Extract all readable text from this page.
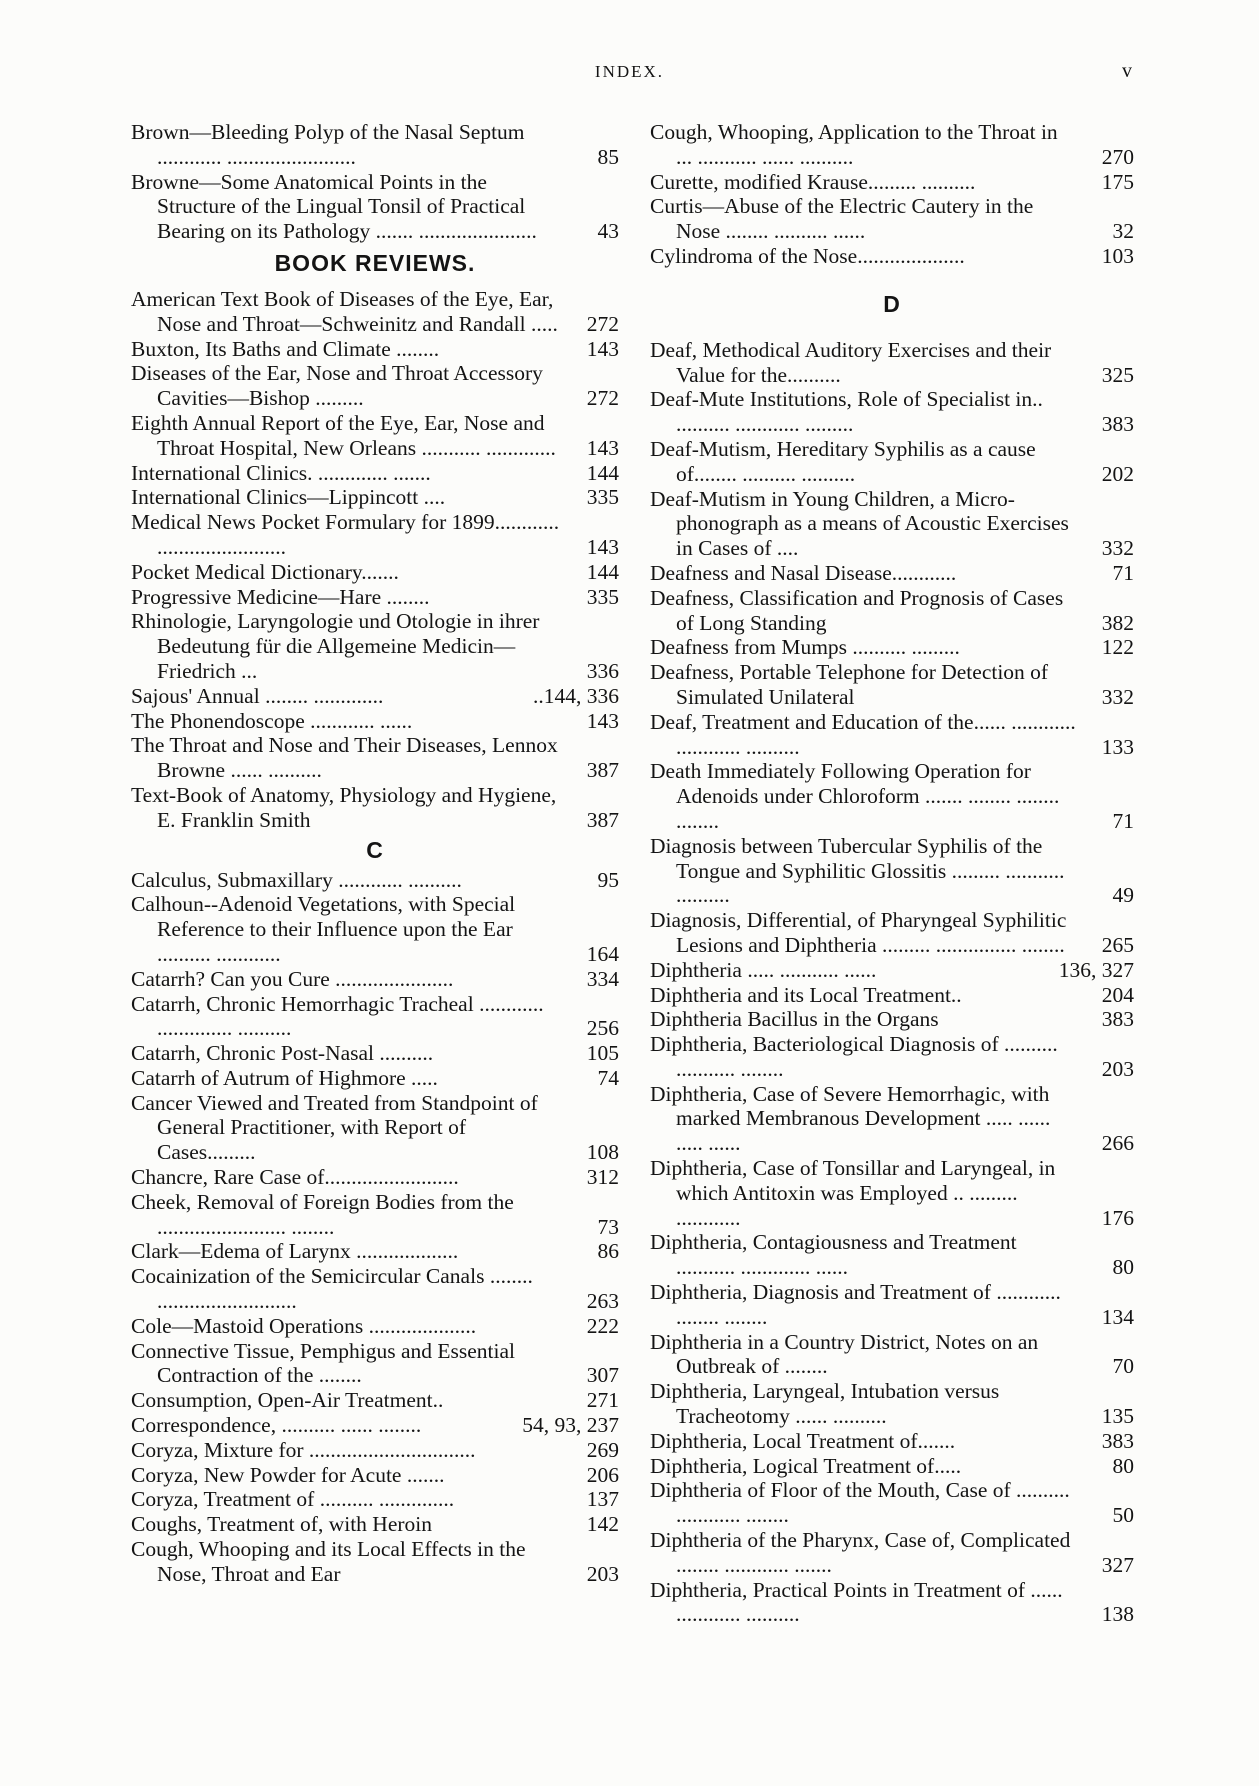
INDEX.	v
Brown—Bleeding Polyp of the Nasal Septum ............ ........................	85
Browne—Some Anatomical Points in the Structure of the Lingual Tonsil of Practical Bearing on its Pathology ....... ......................	43
BOOK REVIEWS.
American Text Book of Diseases of the Eye, Ear, Nose and Throat—Schweinitz and Randall ..... 272
Buxton, Its Baths and Climate ........	143
Diseases of the Ear, Nose and Throat Accessory Cavities—Bishop .........	272
Eighth Annual Report of the Eye, Ear, Nose and Throat Hospital, New Orleans ........... ............. 143
International Clinics. ............. .......	144
International Clinics—Lippincott ....	335
Medical News Pocket Formulary for 1899............ ........................	143
Pocket Medical Dictionary.......	144
Progressive Medicine—Hare ........	335
Rhinologie, Laryngologie und Otologie in ihrer Bedeutung für die Allgemeine Medicin—Friedrich ...	336
Sajous' Annual ........ .............	..144, 336
The Phonendoscope ............ ......	143
The Throat and Nose and Their Diseases, Lennox Browne ...... ..........	387
Text-Book of Anatomy, Physiology and Hygiene, E. Franklin Smith	387
C
Calculus, Submaxillary ............ ..........	95
Calhoun--Adenoid Vegetations, with Special Reference to their Influence upon the Ear .......... ............	164
Catarrh? Can you Cure ......................	334
Catarrh, Chronic Hemorrhagic Tracheal ............ .............. ..........	256
Catarrh, Chronic Post-Nasal ..........	105
Catarrh of Autrum of Highmore .....	74
Cancer Viewed and Treated from Standpoint of General Practitioner, with Report of Cases.........	108
Chancre, Rare Case of.........................	312
Cheek, Removal of Foreign Bodies from the ........................ ........	73
Clark—Edema of Larynx ...................	86
Cocainization of the Semicircular Canals ........ ..........................	263
Cole—Mastoid Operations ....................	222
Connective Tissue, Pemphigus and Essential Contraction of the ........	307
Consumption, Open-Air Treatment..	271
Correspondence, .......... ...... ........	54, 93, 237
Coryza, Mixture for ...............................	269
Coryza, New Powder for Acute .......	206
Coryza, Treatment of .......... ..............	137
Coughs, Treatment of, with Heroin	142
Cough, Whooping and its Local Effects in the Nose, Throat and Ear	203
Cough, Whooping, Application to the Throat in ... ........... ...... ..........	270
Curette, modified Krause......... ..........	175
Curtis—Abuse of the Electric Cautery in the Nose ........ .......... ......	32
Cylindroma of the Nose....................	103
D
Deaf, Methodical Auditory Exercises and their Value for the..........	325
Deaf-Mute Institutions, Role of Specialist in.. .......... ............ .........	383
Deaf-Mutism, Hereditary Syphilis as a cause of........ .......... ..........	202
Deaf-Mutism in Young Children, a Micro-phonograph as a means of Acoustic Exercises in Cases of ....	332
Deafness and Nasal Disease............	71
Deafness, Classification and Prognosis of Cases of Long Standing	382
Deafness from Mumps .......... .........	122
Deafness, Portable Telephone for Detection of Simulated Unilateral	332
Deaf, Treatment and Education of the...... ............ ............ ..........	133
Death Immediately Following Operation for Adenoids under Chloroform ....... ........ ........ ........	71
Diagnosis between Tubercular Syphilis of the Tongue and Syphilitic Glossitis ......... ........... ..........	49
Diagnosis, Differential, of Pharyngeal Syphilitic Lesions and Diphtheria ......... ............... ........ 265
Diphtheria ..... ........... ......	136, 327
Diphtheria and its Local Treatment..	204
Diphtheria Bacillus in the Organs	383
Diphtheria, Bacteriological Diagnosis of .......... ........... ........	203
Diphtheria, Case of Severe Hemorrhagic, with marked Membranous Development ..... ...... ..... ......	266
Diphtheria, Case of Tonsillar and Laryngeal, in which Antitoxin was Employed .. ......... ............	176
Diphtheria, Contagiousness and Treatment ........... ............. ......	80
Diphtheria, Diagnosis and Treatment of ............ ........ ........	134
Diphtheria in a Country District, Notes on an Outbreak of ........	70
Diphtheria, Laryngeal, Intubation versus Tracheotomy ...... ..........	135
Diphtheria, Local Treatment of.......	383
Diphtheria, Logical Treatment of.....	80
Diphtheria of Floor of the Mouth, Case of .......... ............ ........	50
Diphtheria of the Pharynx, Case of, Complicated ........ ............ .......	327
Diphtheria, Practical Points in Treatment of ...... ............ ..........	138
